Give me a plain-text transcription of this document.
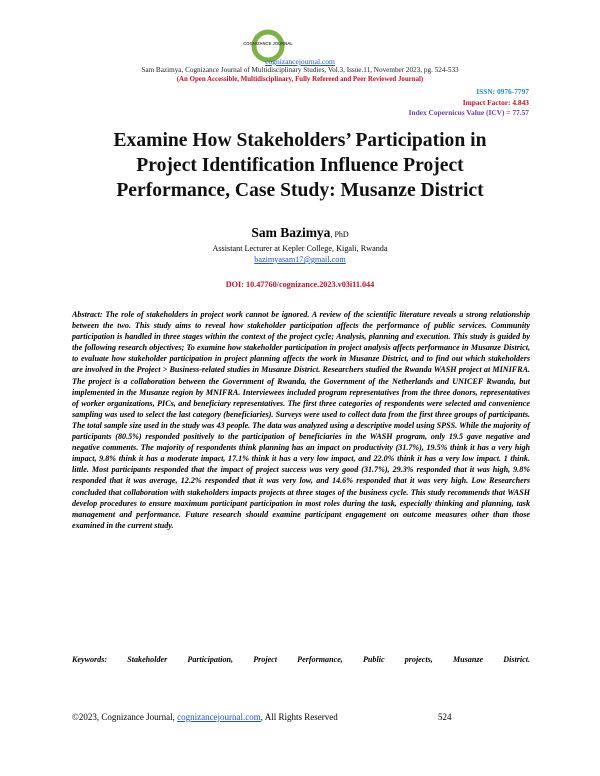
COGNIZANCE JOURNAL
cognizancejournal.com
Sam Bazimya, Cognizance Journal of Multidisciplinary Studies, Vol.3, Issue.11, November 2023, pg. 524-533
(An Open Accessible, Multidisciplinary, Fully Refereed and Peer Reviewed Journal)
ISSN: 0976-7797
Impact Factor: 4.843
Index Copernicus Value (ICV) = 77.57
Examine How Stakeholders’ Participation in
Project Identification Influence Project
Performance, Case Study: Musanze District
Sam Bazimya, PhD
Assistant Lecturer at Kepler College, Kigali, Rwanda
bazimyasam17@gmail.com
DOI: 10.47760/cognizance.2023.v03i11.044

Abstract: The role of stakeholders in project work cannot be ignored. A review of the scientific literature reveals a strong relationship between the two. This study aims to reveal how stakeholder participation affects the performance of public services. Community participation is handled in three stages within the context of the project cycle; Analysis, planning and execution. This study is guided by the following research objectives; To examine how stakeholder participation in project analysis affects performance in Musanze District, to evaluate how stakeholder participation in project planning affects the work in Musanze District, and to find out which stakeholders are involved in the Project > Business-related studies in Musanze District. Researchers studied the Rwanda WASH project at MINIFRA. The project is a collaboration between the Government of Rwanda, the Government of the Netherlands and UNICEF Rwanda, but implemented in the Musanze region by MNIFRA. Interviewees included program representatives from the three donors, representatives of worker organizations, PICs, and beneficiary representatives. The first three categories of respondents were selected and convenience sampling was used to select the last category (beneficiaries). Surveys were used to collect data from the first three groups of participants. The total sample size used in the study was 43 people. The data was analyzed using a descriptive model using SPSS. While the majority of participants (80.5%) responded positively to the participation of beneficiaries in the WASH program, only 19.5 gave negative and negative comments. The majority of respondents think planning has an impact on productivity (31.7%), 19.5% think it has a very high impact, 9.8% think it has a moderate impact, 17.1% think it has a very low impact, and 22.0% think it has a very low impact. 1 think. little. Most participants responded that the impact of project success was very good (31.7%), 29.3% responded that it was high, 9.8% responded that it was average, 12.2% responded that it was very low, and 14.6% responded that it was very high. Low Researchers concluded that collaboration with stakeholders impacts projects at three stages of the business cycle. This study recommends that WASH develop procedures to ensure maximum participant participation in most roles during the task, especially thinking and planning, task management and performance. Future research should examine participant engagement on outcome measures other than those examined in the current study.

Keywords: Stakeholder Participation, Project Performance, Public projects, Musanze District.

©2023, Cognizance Journal, cognizancejournal.com, All Rights Reserved	524
